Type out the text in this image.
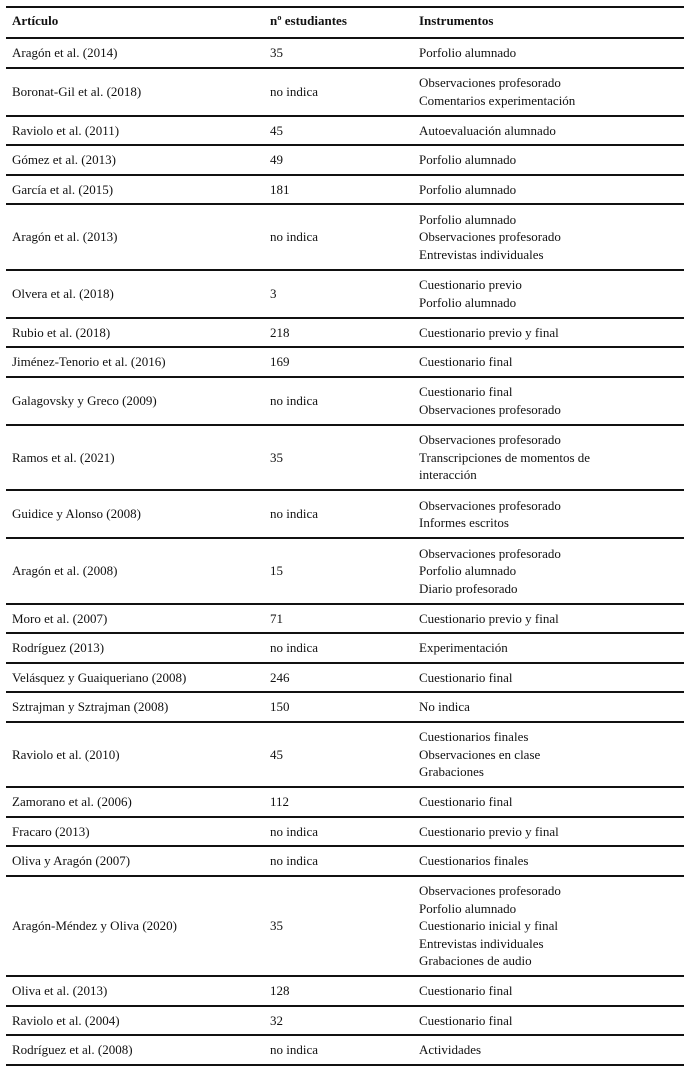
Artículo	nº estudiantes	Instrumentos
Aragón et al. (2014)	35	Porfolio alumnado

Boronat-Gil et al. (2018)	no indica	Observaciones profesorado
Comentarios experimentación

Raviolo et al. (2011)	45	Autoevaluación alumnado

Gómez et al. (2013)	49	Porfolio alumnado

García et al. (2015)	181	Porfolio alumnado

Aragón et al. (2013)	no indica	Porfolio alumnado
Observaciones profesorado
Entrevistas individuales

Olvera et al. (2018)	3	Cuestionario previo
Porfolio alumnado

Rubio et al. (2018)	218	Cuestionario previo y final

Jiménez-Tenorio et al. (2016)	169	Cuestionario final

Galagovsky y Greco (2009)	no indica	Cuestionario final
Observaciones profesorado

Ramos et al. (2021)	35	Observaciones profesorado
Transcripciones de momentos de
interacción

Guidice y Alonso (2008)	no indica	Observaciones profesorado
Informes escritos

Aragón et al. (2008)	15	Observaciones profesorado
Porfolio alumnado
Diario profesorado

Moro et al. (2007)	71	Cuestionario previo y final

Rodríguez (2013)	no indica	Experimentación

Velásquez y Guaiqueriano (2008)	246	Cuestionario final

Sztrajman y Sztrajman (2008)	150	No indica

Raviolo et al. (2010)	45	Cuestionarios finales
Observaciones en clase
Grabaciones

Zamorano et al. (2006)	112	Cuestionario final

Fracaro (2013)	no indica	Cuestionario previo y final

Oliva y Aragón (2007)	no indica	Cuestionarios finales

Aragón-Méndez y Oliva (2020)	35	Observaciones profesorado
Porfolio alumnado
Cuestionario inicial y final
Entrevistas individuales
Grabaciones de audio

Oliva et al. (2013)	128	Cuestionario final

Raviolo et al. (2004)	32	Cuestionario final

Rodríguez et al. (2008)	no indica	Actividades
